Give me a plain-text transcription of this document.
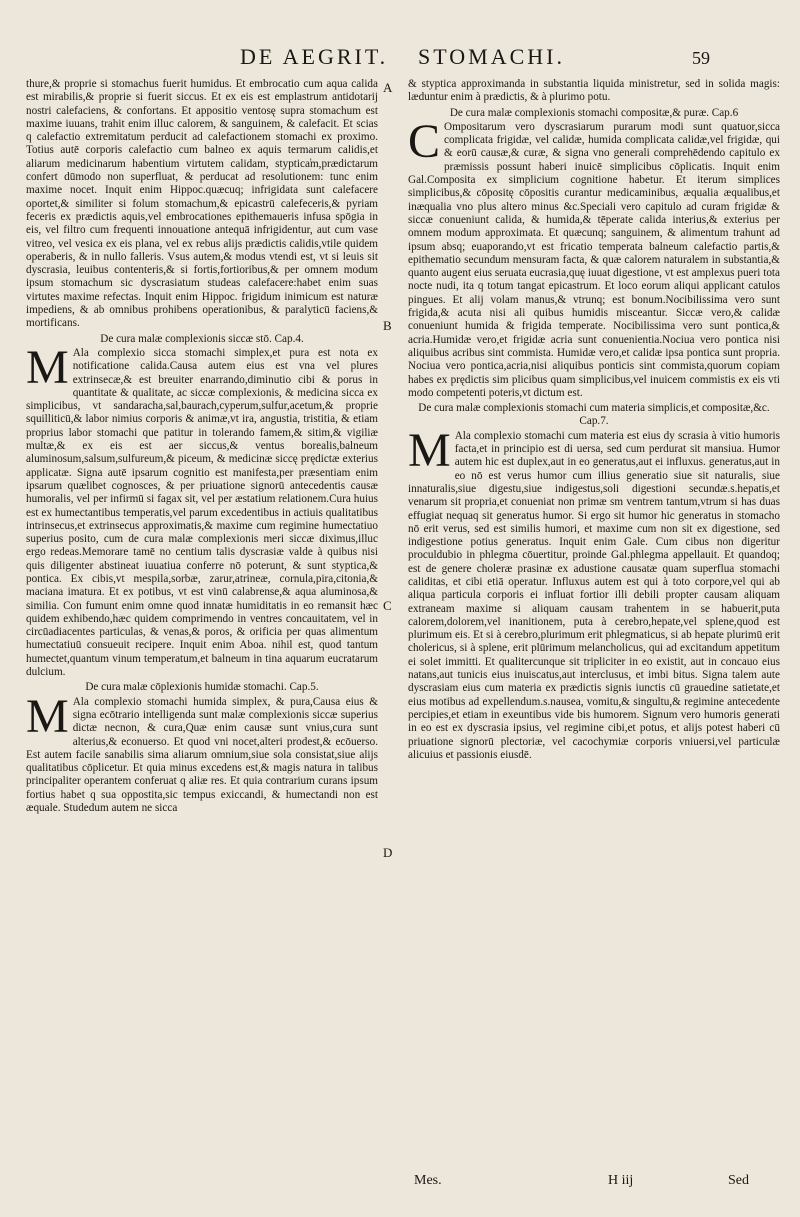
DE AEGRIT. STOMACHI.	59
A
B
C
D

thure,& proprie si stomachus fuerit humidus. Et embrocatio cum aqua calida est mirabilis,& proprie si fuerit siccus. Et ex eis est emplastrum antidotarij nostri calefaciens, & confortans. Et appositio ventosę supra stomachum est maxime iuuans, trahit enim illuc calorem, & sanguinem, & calefacit. Et scias q calefactio extremitatum perducit ad calefactionem stomachi ex proximo. Totius autē corporis calefactio cum balneo ex aquis termarum calidis,et aliarum medicinarum habentium virtutem calidam, styptica̕m,prædictarum confert dūmodo non superfluat, & perducat ad resolutionem: tunc enim maxime nocet. Inquit enim Hippoc.quæcuq; infrigidata sunt calefacere oportet,& similiter si folum stomachum,& epicastrū calefeceris,& pyriam feceris ex prædictis aquis,vel embrocationes epithemaueris infusa spōgia in eis, vel filtro cum frequenti innouatione antequā infrigidentur, aut cum vase vitreo, vel vesica ex eis plana, vel ex rebus alijs prædictis calidis,vtile quidem operaberis, & in nullo falleris. Vsus autem,& modus vtendi est, vt si leuis sit dyscrasia, leuibus contenteris,& si fortis,fortioribus,& per omnem modum ipsum stomachum sic dyscrasiatum studeas calefacere:habet enim suas virtutes maxime refectas. Inquit enim Hippoc. frigidum inimicum est naturæ impediens, & ab omnibus prohibens operationibus, & paralyticū faciens,& mortificans.

De cura malæ complexionis siccæ stō. Cap.4.

M Ala complexio sicca stomachi simplex,et pura est nota ex notificatione calida.Causa autem eius est vna vel plures extrinsecæ,& est breuiter enarrando,diminutio cibi & porus in quantitate & qualitate, ac siccæ complexionis, & medicina sicca ex simplicibus, vt sandaracha,sal,baurach,cyperum,sulfur,acetum,& proprie squilliticū,& labor nimius corporis & animæ,vt ira, angustia, tristitia, & etiam proprius labor stomachi que patitur in tolerando famem,& sitim,& vigiliæ multæ,& ex eis est aer siccus,& ventus borealis,balneum aluminosum,salsum,sulfureum,& piceum, & medicinæ siccę prędictæ exterius applicatæ. Signa autē ipsarum cognitio est manifesta,per præsentiam enim ipsarum quælibet cognosces, & per priuatione signorū antecedentis causæ humoralis, vel per infirmū si fagax sit, vel per æstatium relationem.Cura huius est ex humectantibus temperatis,vel parum excedentibus in actiuis qualitatibus intrinsecus,et extrinsecus approximatis,& maxime cum regimine humectatiuo superius posito, cum de cura malæ complexionis meri siccæ diximus,illuc ergo redeas.Memorare tamē no centium talis dyscrasiæ valde à quibus nisi quis diligenter abstineat iuuatiua conferre nō poterunt, & sunt styptica,& pontica. Ex cibis,vt mespila,sorbæ, zarur,atrineæ, cornula,pira,citonia,& maciana imatura. Et ex potibus, vt est vinū calabrense,& aqua aluminosa,& similia. Con fumunt enim omne quod innatæ humiditatis in eo remansit hæc quidem exhibendo,hæc quidem comprimendo in ventres concauitatem, vel in circūadiacentes particulas, & venas,& poros, & orificia per quas alimentum humectatiuū consueuit recipere. Inquit enim Aboa. nihil est, quod tantum humectet,quantum vinum temperatum,et balneum in tina aquarum eucratarum dulcium.

De cura malæ cōplexionis humidæ stomachi. Cap.5.

M Ala complexio stomachi humida simplex, & pura,Causa eius & signa ecōtrario intelligenda sunt malæ complexionis siccæ superius dictæ necnon, & cura,Quæ enim causæ sunt vnius,cura sunt alterius,& econuerso. Et quod vni nocet,alteri prodest,& ecōuerso. Est autem facile sanabilis sima aliarum omnium,siue sola consistat,siue alijs qualitatibus cōplicetur. Et quia minus excedens est,& magis natura in talibus principaliter operantem conferuat q aliæ res. Et quia contrarium curans ipsum fortius habet q sua oppostita,sic tempus exiccandi, & humectandi non est æquale. Studedum autem ne sicca

& styptica approximanda in substantia liquida ministretur, sed in solida magis: læduntur enim à prædictis, & à plurimo potu.

De cura malæ complexionis stomachi compositæ,& puræ. Cap.6

C Ompositarum vero dyscrasiarum purarum modi sunt quatuor,sicca complicata frigidæ, vel calidæ, humida complicata calidæ,vel frigidæ, qui & eorū causæ,& curæ, & signa vno generali comprehēdendo capitulo ex præmissis possunt haberi inuicē simplicibus cōplicatis. Inquit enim Gal.Composita ex simplicium cognitione habetur. Et iterum simplices simplicibus,& cōpositę cōpositis curantur medicaminibus, æqualia æqualibus,et inæqualia vno plus altero minus &c.Speciali vero capitulo ad curam frigidæ & siccæ conueniunt calida, & humida,& tēperate calida interius,& exterius per omnem modum approximata. Et quæcunq; sanguinem, & alimentum trahunt ad ipsum absq; euaporando,vt est fricatio temperata balneum calefactio partis,& epithematio secundum mensuram facta, & quæ calorem naturalem in substantia,& quanto augent eius seruata eucrasia,quę iuuat digestione, vt est amplexus pueri tota nocte nudi, ita q totum tangat epicastrum. Et loco eorum aliqui applicant catulos pingues. Et alij volam manus,& vtrunq; est bonum.Nocibilissima vero sunt frigida,& acuta nisi ali quibus humidis misceantur. Siccæ vero,& calidæ conueniunt humida & frigida temperate. Nocibilissima vero sunt pontica,& acria.Humidæ vero,et frigidæ acria sunt conuenientia.Nociua vero pontica nisi aliquibus acribus sint commista. Humidæ vero,et calidæ ipsa pontica sunt propria. Nociua vero pontica,acria,nisi aliquibus ponticis sint commista,quorum copiam habes ex prędictis sim plicibus quam simplicibus,vel inuicem commistis ex eis vti modo competenti poteris,vt dictum est.

De cura malæ complexionis stomachi cum materia simplicis,et compositæ,&c. Cap.7.

M Ala complexio stomachi cum materia est eius dy scrasia à vitio humoris facta,et in principio est di uersa, sed cum perdurat sit mansiua. Humor autem hic est duplex,aut in eo generatus,aut ei influxus. generatus,aut in eo nō est verus humor cum illius generatio siue sit naturalis, siue innaturalis,siue digestu,siue indigestus,soli digestioni secundæ.s.hepatis,et venarum sit propria,et conueniat non primæ sm ventrem tantum,vtrum si has duas effugiat nequaq sit generatus humor. Si ergo sit humor hic generatus in stomacho nō erit verus, sed est similis humori, et maxime cum non sit ex digestione, sed indigestione potius generatus. Inquit enim Gale. Cum cibus non digeritur proculdubio in phlegma cōuertitur, proinde Gal.phlegma appellauit. Et quandoq; est de genere choleræ prasinæ ex adustione causatæ quam superflua stomachi caliditas, et cibi etiā operatur. Influxus autem est qui à toto corpore,vel qui ab aliqua particula corporis ei influat fortior illi debili propter causam aliquam extraneam maxime si aliquam causam trahentem in se habuerit,puta calorem,dolorem,vel inanitionem, puta à cerebro,hepate,vel splene,quod est plurimum eis. Et si à cerebro,plurimum erit phlegmaticus, si ab hepate plurimū erit cholericus, si à splene, erit plūrimum melancholicus, qui ad excitandum appetitum ei solet immitti. Et qualitercunque sit tripliciter in eo existit, aut in concauo eius natans,aut tunicis eius inuiscatus,aut interclusus, et imbi bitus. Signa talem aute dyscrasiam eius cum materia ex prædictis signis iunctis cū grauedine satietate,et eius motibus ad expellendum.s.nausea, vomitu,& singultu,& regimine antecedente percipies,et etiam in exeuntibus vide bis humorem. Signum vero humoris generati in eo est ex dyscrasia ipsius, vel regimine cibi,et potus, et alijs potest haberi cū priuatione signorū plectoriæ, vel cacochymiæ corporis vniuersi,vel particulæ alicuius et passionis eiusdē.

Mes.	H iij	Sed
